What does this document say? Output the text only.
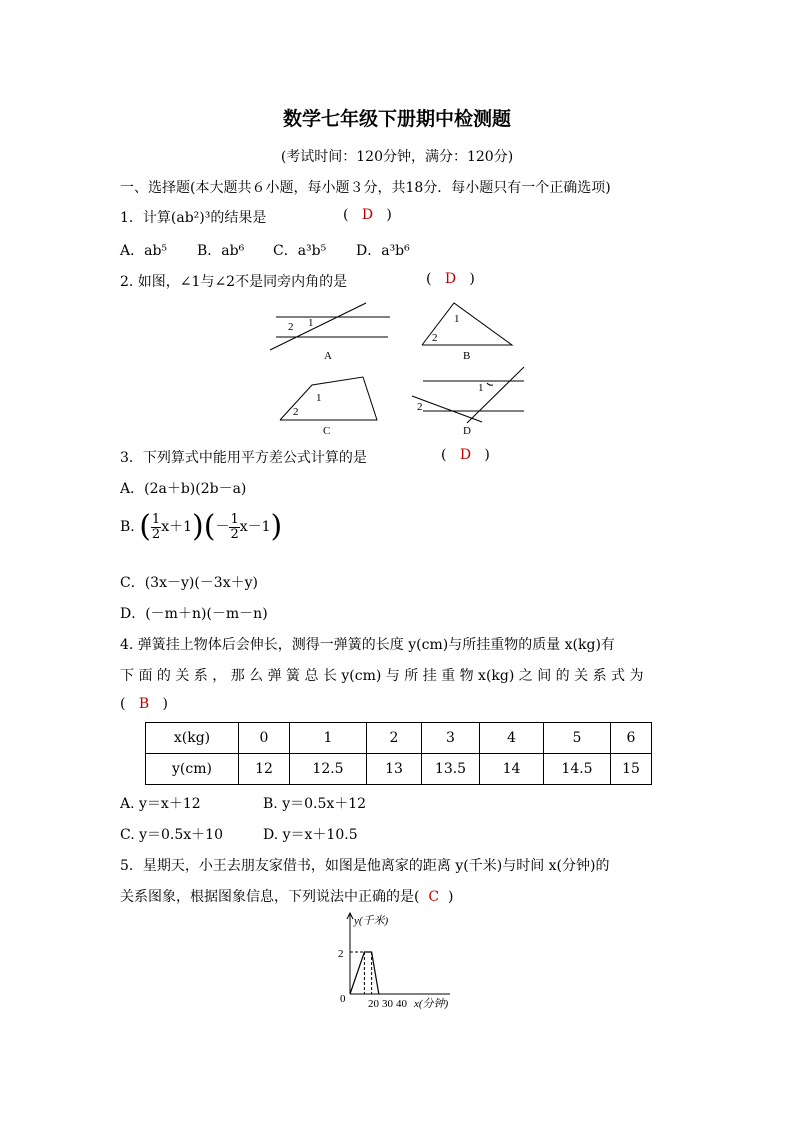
数学七年级下册期中检测题
(考试时间：120分钟，满分：120分)
一、选择题(本大题共６小题，每小题３分，共18分．每小题只有一个正确选项)
1．计算(ab²)³的结果是	( D )
A．ab⁵ B．ab⁶ C．a³b⁵ D．a³b⁶
2. 如图，∠1与∠2不是同旁内角的是	( D )
1
2
A
1
2
B
1
2
C
1
2
D
3．下列算式中能用平方差公式计算的是	( D )
A．(2a＋b)(2b－a)
B. ( $\frac{1}{2} x+1)(- \frac{1}{2} x-1)$
C．(3x－y)(－3x＋y)
D．(－m＋n)(－m－n)
4. 弹簧挂上物体后会伸长，测得一弹簧的长度 y(cm)与所挂重物的质量 x(kg)有
下 面 的 关 系 ， 那 么 弹 簧 总 长 y(cm) 与 所 挂 重 物 x(kg) 之 间 的 关 系 式 为
( B )
x(kg)	0	1	2	3	4	5	6
y(cm)	12	12.5	13	13.5	14	14.5	15
A. y＝x＋12	B. y＝0.5x＋12
C. y＝0.5x＋10	D. y＝x＋10.5
5．星期天，小王去朋友家借书，如图是他离家的距离 y(千米)与时间 x(分钟)的
关系图象，根据图象信息，下列说法中正确的是( C )
y(千米)
2
0 20 30 40 x(分钟)
